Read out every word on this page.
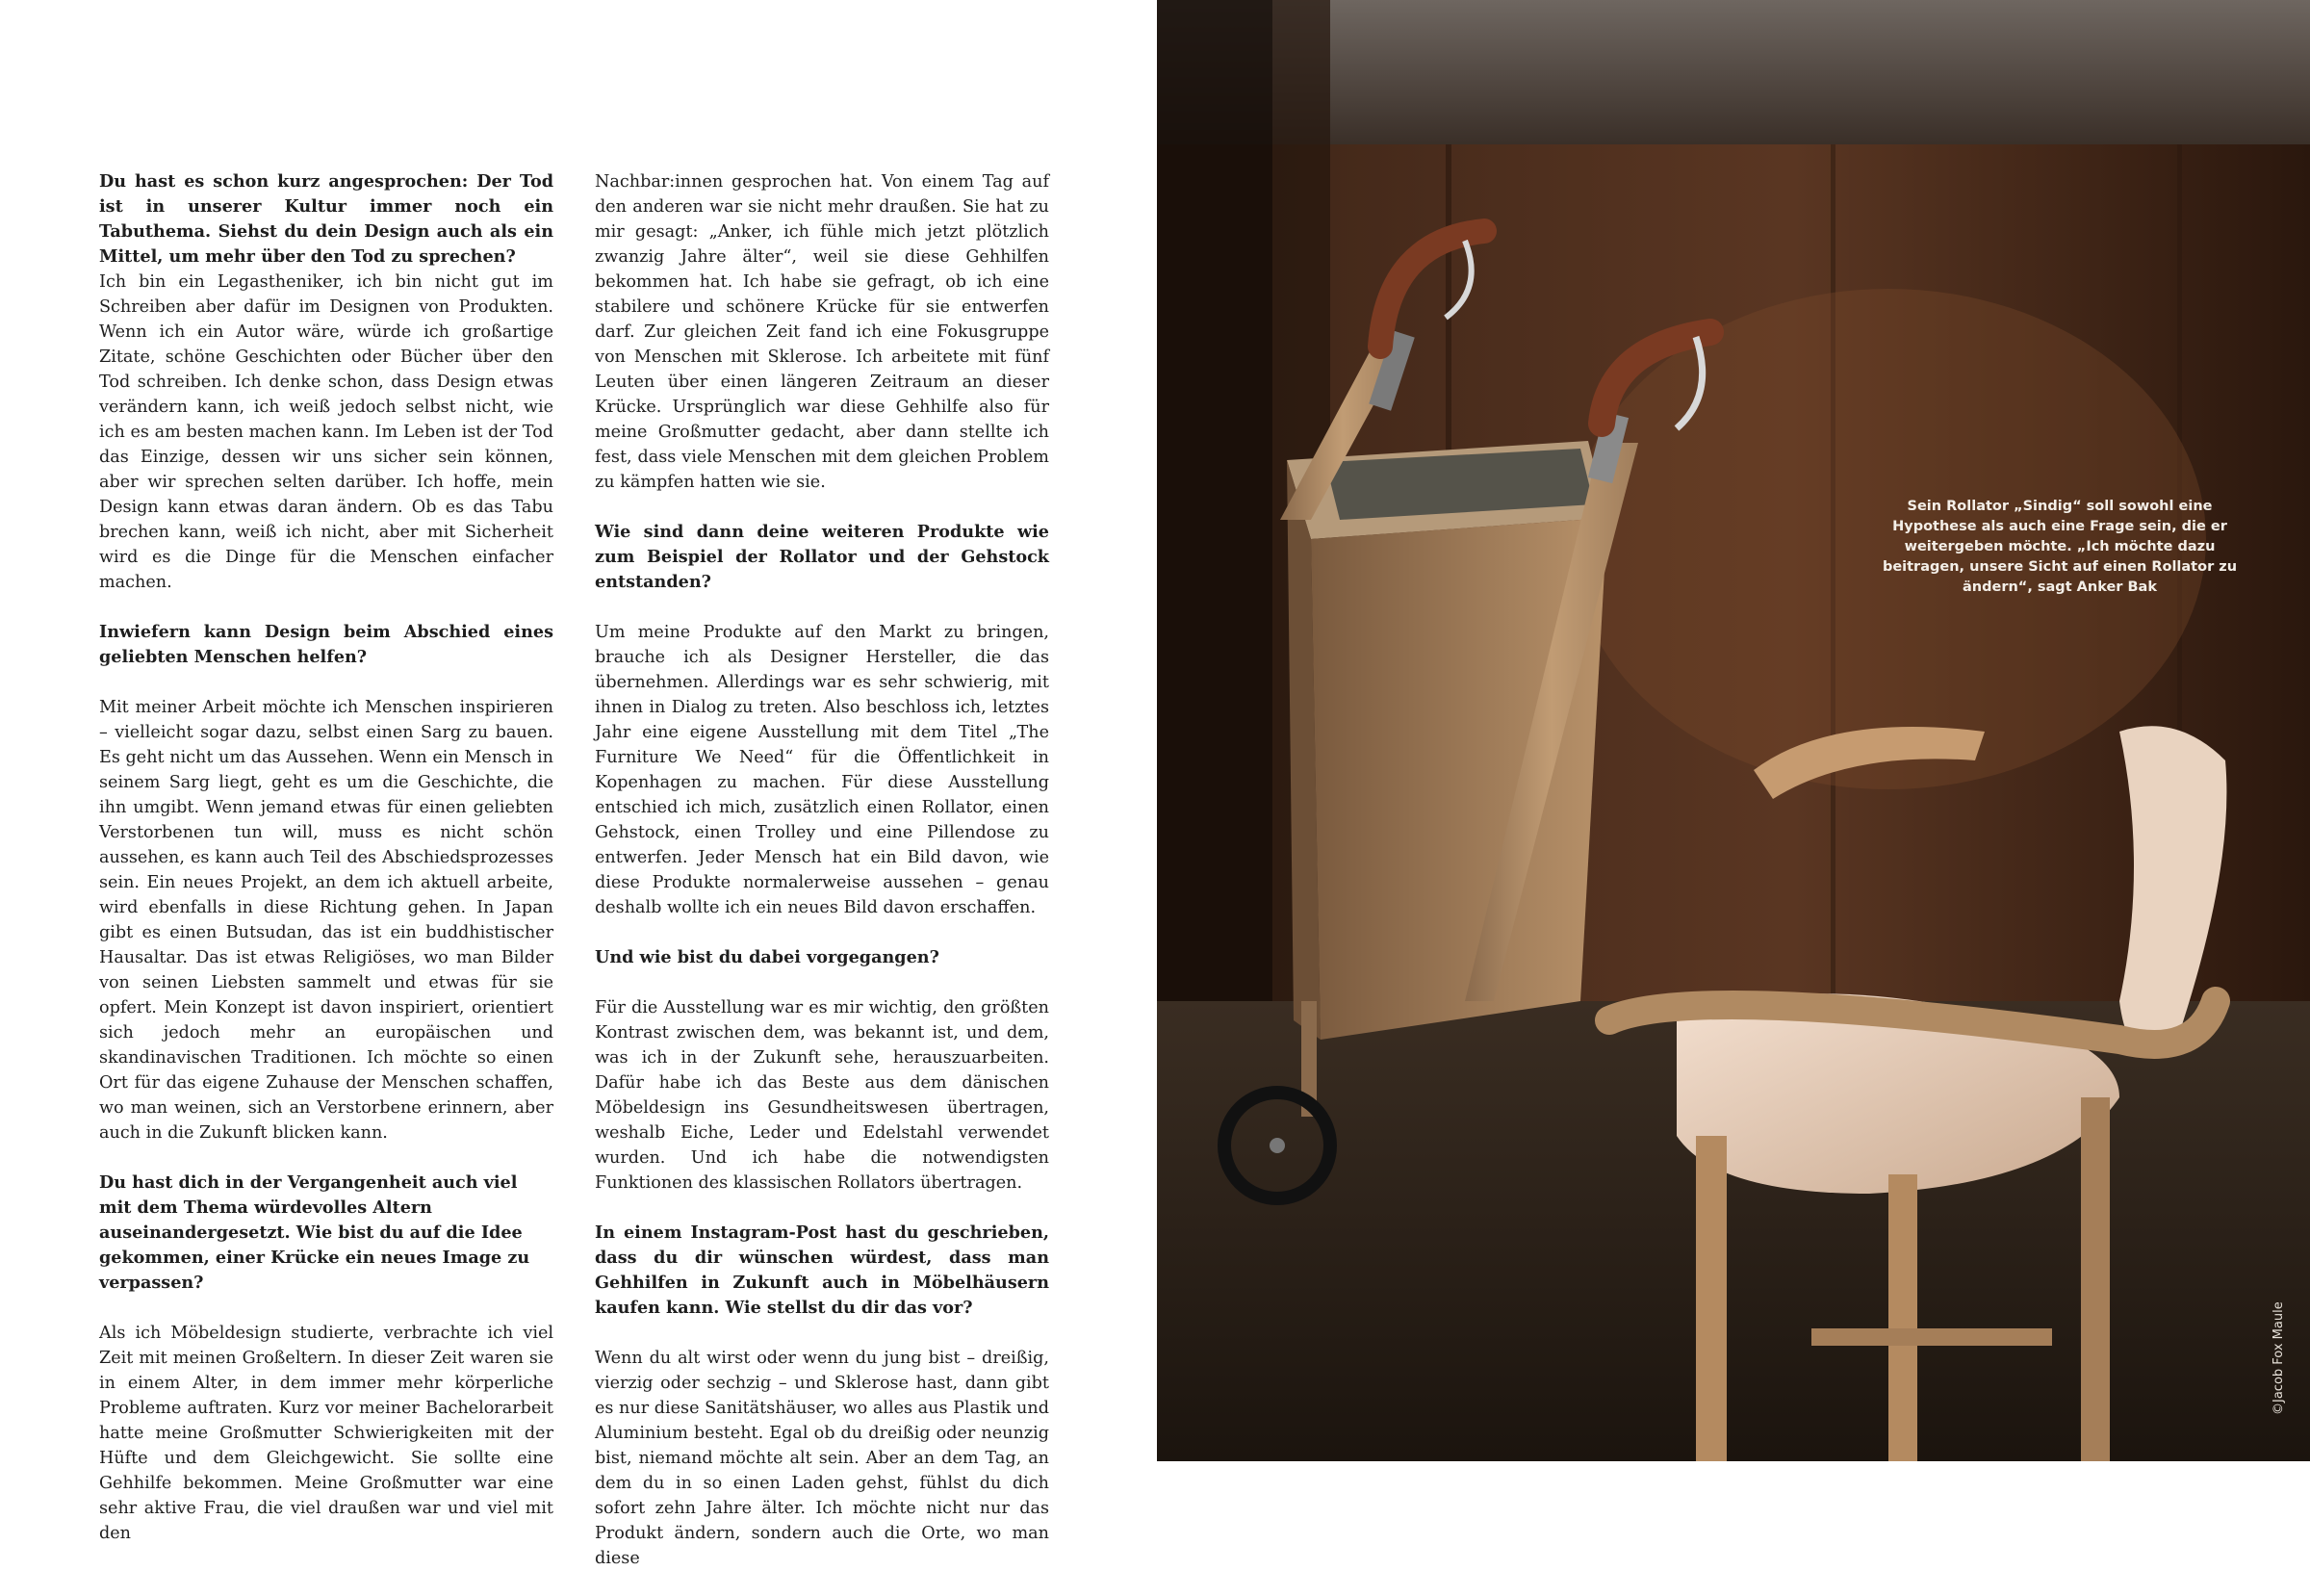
Du hast es schon kurz angesprochen: Der Tod ist in unserer Kultur immer noch ein Tabuthema. Siehst du dein Design auch als ein Mittel, um mehr über den Tod zu sprechen?

Ich bin ein Legastheniker, ich bin nicht gut im Schreiben aber dafür im Designen von Produkten. Wenn ich ein Autor wäre, würde ich großartige Zitate, schöne Geschichten oder Bücher über den Tod schreiben. Ich denke schon, dass Design etwas verändern kann, ich weiß jedoch selbst nicht, wie ich es am besten machen kann. Im Leben ist der Tod das Einzige, dessen wir uns sicher sein können, aber wir sprechen selten darüber. Ich hoffe, mein Design kann etwas daran ändern. Ob es das Tabu brechen kann, weiß ich nicht, aber mit Sicherheit wird es die Dinge für die Menschen einfacher machen.

Inwiefern kann Design beim Abschied eines geliebten Menschen helfen?

Mit meiner Arbeit möchte ich Menschen inspirieren – vielleicht sogar dazu, selbst einen Sarg zu bauen. Es geht nicht um das Aussehen. Wenn ein Mensch in seinem Sarg liegt, geht es um die Geschichte, die ihn umgibt. Wenn jemand etwas für einen geliebten Verstorbenen tun will, muss es nicht schön aussehen, es kann auch Teil des Abschiedsprozesses sein. Ein neues Projekt, an dem ich aktuell arbeite, wird ebenfalls in diese Richtung gehen. In Japan gibt es einen Butsudan, das ist ein buddhistischer Hausaltar. Das ist etwas Religiöses, wo man Bilder von seinen Liebsten sammelt und etwas für sie opfert. Mein Konzept ist davon inspiriert, orientiert sich jedoch mehr an europäischen und skandinavischen Traditionen. Ich möchte so einen Ort für das eigene Zuhause der Menschen schaffen, wo man weinen, sich an Verstorbene erinnern, aber auch in die Zukunft blicken kann.

Du hast dich in der Vergangenheit auch viel mit dem Thema würdevolles Altern auseinandergesetzt. Wie bist du auf die Idee gekommen, einer Krücke ein neues Image zu verpassen?

Als ich Möbeldesign studierte, verbrachte ich viel Zeit mit meinen Großeltern. In dieser Zeit waren sie in einem Alter, in dem immer mehr körperliche Probleme auftraten. Kurz vor meiner Bachelorarbeit hatte meine Großmutter Schwierigkeiten mit der Hüfte und dem Gleichgewicht. Sie sollte eine Gehhilfe bekommen. Meine Großmutter war eine sehr aktive Frau, die viel draußen war und viel mit den

Nachbar:innen gesprochen hat. Von einem Tag auf den anderen war sie nicht mehr draußen. Sie hat zu mir gesagt: „Anker, ich fühle mich jetzt plötzlich zwanzig Jahre älter“, weil sie diese Gehhilfen bekommen hat. Ich habe sie gefragt, ob ich eine stabilere und schönere Krücke für sie entwerfen darf. Zur gleichen Zeit fand ich eine Fokusgruppe von Menschen mit Sklerose. Ich arbeitete mit fünf Leuten über einen längeren Zeitraum an dieser Krücke. Ursprünglich war diese Gehhilfe also für meine Großmutter gedacht, aber dann stellte ich fest, dass viele Menschen mit dem gleichen Problem zu kämpfen hatten wie sie.

Wie sind dann deine weiteren Produkte wie zum Beispiel der Rollator und der Gehstock entstanden?

Um meine Produkte auf den Markt zu bringen, brauche ich als Designer Hersteller, die das übernehmen. Allerdings war es sehr schwierig, mit ihnen in Dialog zu treten. Also beschloss ich, letztes Jahr eine eigene Ausstellung mit dem Titel „The Furniture We Need“ für die Öffentlichkeit in Kopenhagen zu machen. Für diese Ausstellung entschied ich mich, zusätzlich einen Rollator, einen Gehstock, einen Trolley und eine Pillendose zu entwerfen. Jeder Mensch hat ein Bild davon, wie diese Produkte normalerweise aussehen – genau deshalb wollte ich ein neues Bild davon erschaffen.

Und wie bist du dabei vorgegangen?

Für die Ausstellung war es mir wichtig, den größten Kontrast zwischen dem, was bekannt ist, und dem, was ich in der Zukunft sehe, herauszuarbeiten. Dafür habe ich das Beste aus dem dänischen Möbeldesign ins Gesundheitswesen übertragen, weshalb Eiche, Leder und Edelstahl verwendet wurden. Und ich habe die notwendigsten Funktionen des klassischen Rollators übertragen.

In einem Instagram-Post hast du geschrieben, dass du dir wünschen würdest, dass man Gehhilfen in Zukunft auch in Möbelhäusern kaufen kann. Wie stellst du dir das vor?

Wenn du alt wirst oder wenn du jung bist – dreißig, vierzig oder sechzig – und Sklerose hast, dann gibt es nur diese Sanitätshäuser, wo alles aus Plastik und Aluminium besteht. Egal ob du dreißig oder neunzig bist, niemand möchte alt sein. Aber an dem Tag, an dem du in so einen Laden gehst, fühlst du dich sofort zehn Jahre älter. Ich möchte nicht nur das Produkt ändern, sondern auch die Orte, wo man diese

Sein Rollator „Sindig“ soll sowohl eine Hypothese als auch eine Frage sein, die er weitergeben möchte. „Ich möchte dazu beitragen, unsere Sicht auf einen Rollator zu ändern“, sagt Anker Bak
©Jacob Fox Maule
